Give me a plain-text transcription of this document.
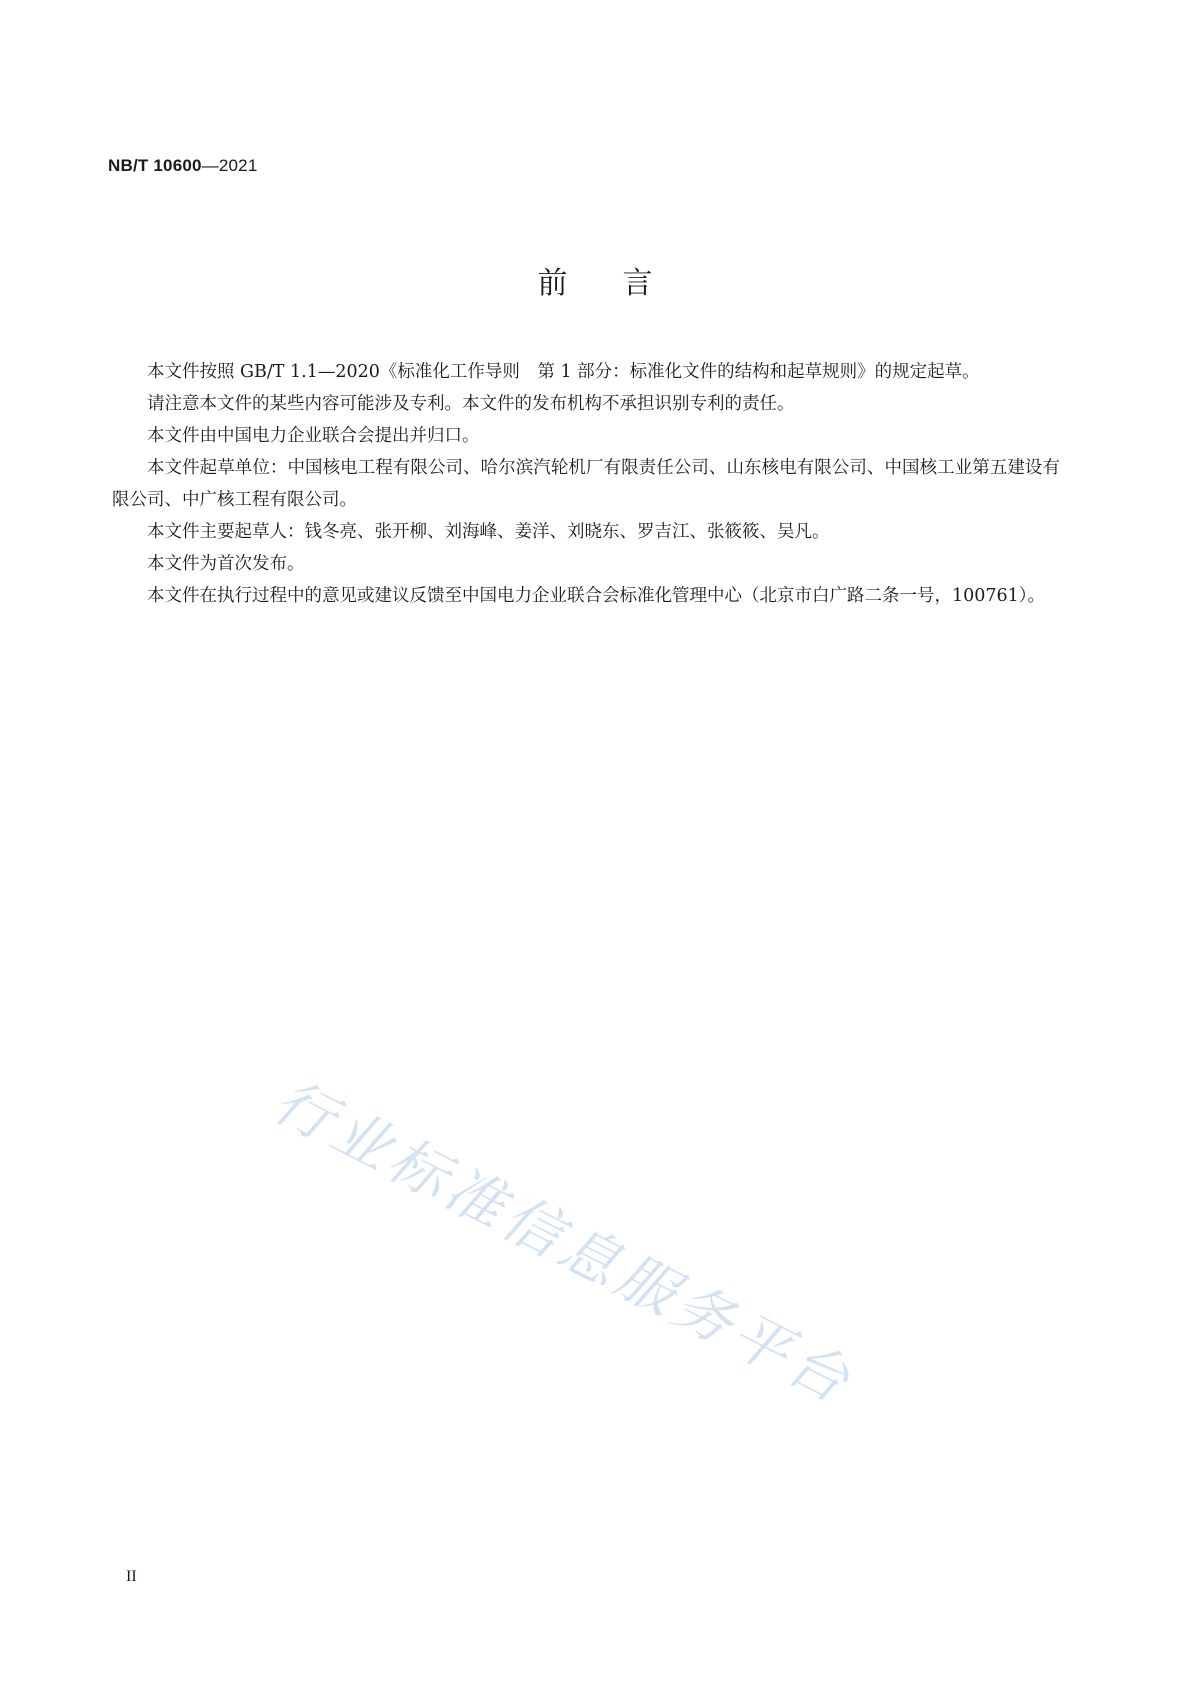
NB/T 10600—2021
前言

本文件按照 GB/T 1.1—2020《标准化工作导则　第 1 部分：标准化文件的结构和起草规则》的规定起草。

请注意本文件的某些内容可能涉及专利。本文件的发布机构不承担识别专利的责任。

本文件由中国电力企业联合会提出并归口。

本文件起草单位：中国核电工程有限公司、哈尔滨汽轮机厂有限责任公司、山东核电有限公司、中国核工业第五建设有限公司、中广核工程有限公司。

本文件主要起草人：钱冬亮、张开柳、刘海峰、姜洋、刘晓东、罗吉江、张筱筱、吴凡。

本文件为首次发布。

本文件在执行过程中的意见或建议反馈至中国电力企业联合会标准化管理中心（北京市白广路二条一号，100761）。

行业标准信息服务平台
II
